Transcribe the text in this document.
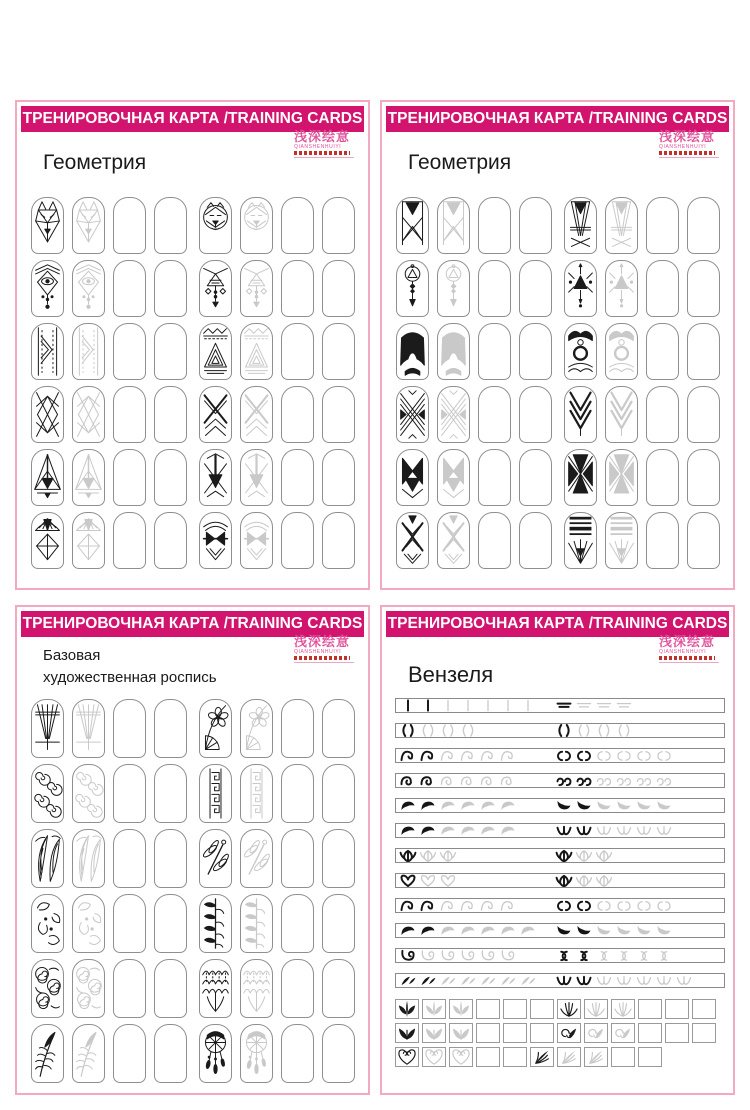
ТРЕНИРОВОЧНАЯ КАРТА /TRAINING CARDS
浅深绘意
QIANSHENHUIYI
Геометрия
ТРЕНИРОВОЧНАЯ КАРТА /TRAINING CARDS
浅深绘意
QIANSHENHUIYI
Геометрия
ТРЕНИРОВОЧНАЯ КАРТА /TRAINING CARDS
浅深绘意
QIANSHENHUIYI
Базовая
художественная роспись
ТРЕНИРОВОЧНАЯ КАРТА /TRAINING CARDS
浅深绘意
QIANSHENHUIYI
Вензеля
